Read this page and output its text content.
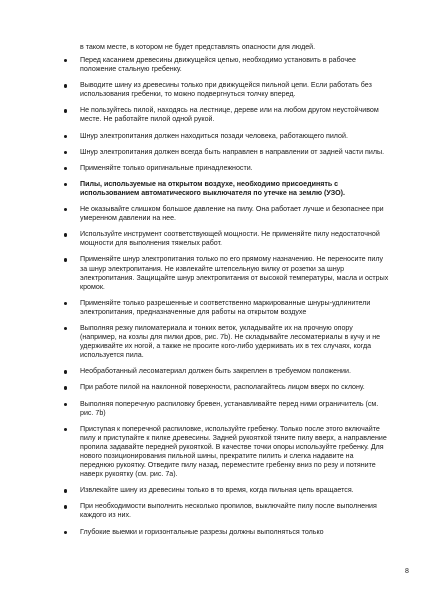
в таком месте, в котором не будет представлять опасности для людей.

Перед касанием древесины движущейся цепью, необходимо установить в рабочее положение стальную гребенку.
Выводите шину из древесины только при движущейся пильной цепи. Если работать без использования гребенки, то можно подвергнуться толчку вперед.
Не пользуйтесь пилой, находясь на лестнице, дереве или на любом другом неустойчивом месте. Не работайте пилой одной рукой.
Шнур электропитания должен находиться позади человека, работающего пилой.
Шнур электропитания должен всегда быть направлен в направлении от задней части пилы.
Применяйте только оригинальные принадлежности.
Пилы, используемые на открытом воздухе, необходимо присоединять с использованием автоматического выключателя по утечке на землю (УЗО).
Не оказывайте слишком большое давление на пилу. Она работает лучше и безопаснее при умеренном давлении на нее.
Используйте инструмент соответствующей мощности. Не применяйте пилу недостаточной мощности для выполнения тяжелых работ.
Применяйте шнур электропитания только по его прямому назначению. Не переносите пилу за шнур электропитания. Не извлекайте штепсельную вилку от розетки за шнур электропитания. Защищайте шнур электропитания от высокой температуры, масла и острых кромок.
Применяйте только разрешенные и соответственно маркированные шнуры-удлинители электропитания, предназначенные для работы на открытом воздухе
Выполняя резку пиломатериала и тонких веток, укладывайте их на прочную опору (например, на козлы для пилки дров, рис. 7b). Не складывайте лесоматериалы в кучу и не удерживайте их ногой, а также не просите кого-либо удерживать их в тех случаях, когда используется пила.
Необработанный лесоматериал должен быть закреплен в требуемом положении.
При работе пилой на наклонной поверхности, располагайтесь лицом вверх по склону.
Выполняя поперечную распиловку бревен, устанавливайте перед ними ограничитель (см. рис. 7b)
Приступая к поперечной распиловке, используйте гребенку. Только после этого включайте пилу и приступайте к пилке древесины. Задней рукояткой тяните пилу вверх, а направление пропила задавайте передней рукояткой. В качестве точки опоры используйте гребенку. Для нового позиционирования пильной шины, прекратите пилить и слегка надавите на переднюю рукоятку. Отведите пилу назад, переместите гребенку вниз по резу и потяните наверх рукоятку (см. рис. 7a).
Извлекайте шину из древесины только в то время, когда пильная цепь вращается.
При необходимости выполнить несколько пропилов, выключайте пилу после выполнения каждого из них.
Глубокие выемки и горизонтальные разрезы должны выполняться только
8
